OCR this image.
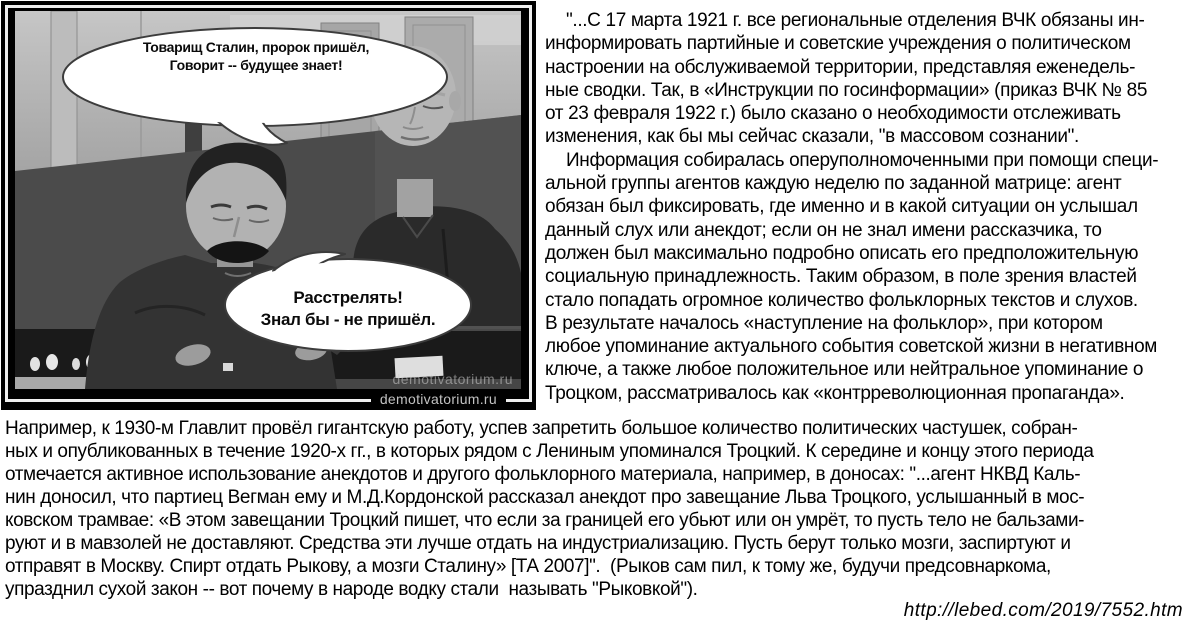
Товарищ Сталин, пророк пришёл,
Говорит -- будущее знает!
Расстрелять!
Знал бы - не пришёл.
demotivatorium.ru
demotivatorium.ru
"...С 17 марта 1921 г. все региональные отделения ВЧК обязаны ин-
информировать партийные и советские учреждения о политическом
настроении на обслуживаемой территории, представляя еженедель-
ные сводки. Так, в «Инструкции по госинформации» (приказ ВЧК № 85
от 23 февраля 1922 г.) было сказано о необходимости отслеживать
изменения, как бы мы сейчас сказали, "в массовом сознании".
Информация собиралась оперуполномоченными при помощи специ-
альной группы агентов каждую неделю по заданной матрице: агент
обязан был фиксировать, где именно и в какой ситуации он услышал
данный слух или анекдот; если он не знал имени рассказчика, то
должен был максимально подробно описать его предположительную
социальную принадлежность. Таким образом, в поле зрения властей
стало попадать огромное количество фольклорных текстов и слухов.
В результате началось «наступление на фольклор», при котором
любое упоминание актуального события советской жизни в негативном
ключе, а также любое положительное или нейтральное упоминание о
Троцком, рассматривалось как «контрреволюционная пропаганда».
Например, к 1930-м Главлит провёл гигантскую работу, успев запретить большое количество политических частушек, собран-
ных и опубликованных в течение 1920-х гг., в которых рядом с Лениным упоминался Троцкий. К середине и концу этого периода
отмечается активное использование анекдотов и другого фольклорного материала, например, в доносах: "...агент НКВД Каль-
нин доносил, что партиец Вегман ему и М.Д.Кордонской рассказал анекдот про завещание Льва Троцкого, услышанный в мос-
ковском трамвае: «В этом завещании Троцкий пишет, что если за границей его убьют или он умрёт, то пусть тело не бальзами-
руют и в мавзолей не доставляют. Средства эти лучше отдать на индустриализацию. Пусть берут только мозги, заспиртуют и
отправят в Москву. Спирт отдать Рыкову, а мозги Сталину» [ТА 2007]".  (Рыков сам пил, к тому же, будучи предсовнаркома,
упразднил сухой закон -- вот почему в народе водку стали  называть "Рыковкой").
http://lebed.com/2019/7552.htm
